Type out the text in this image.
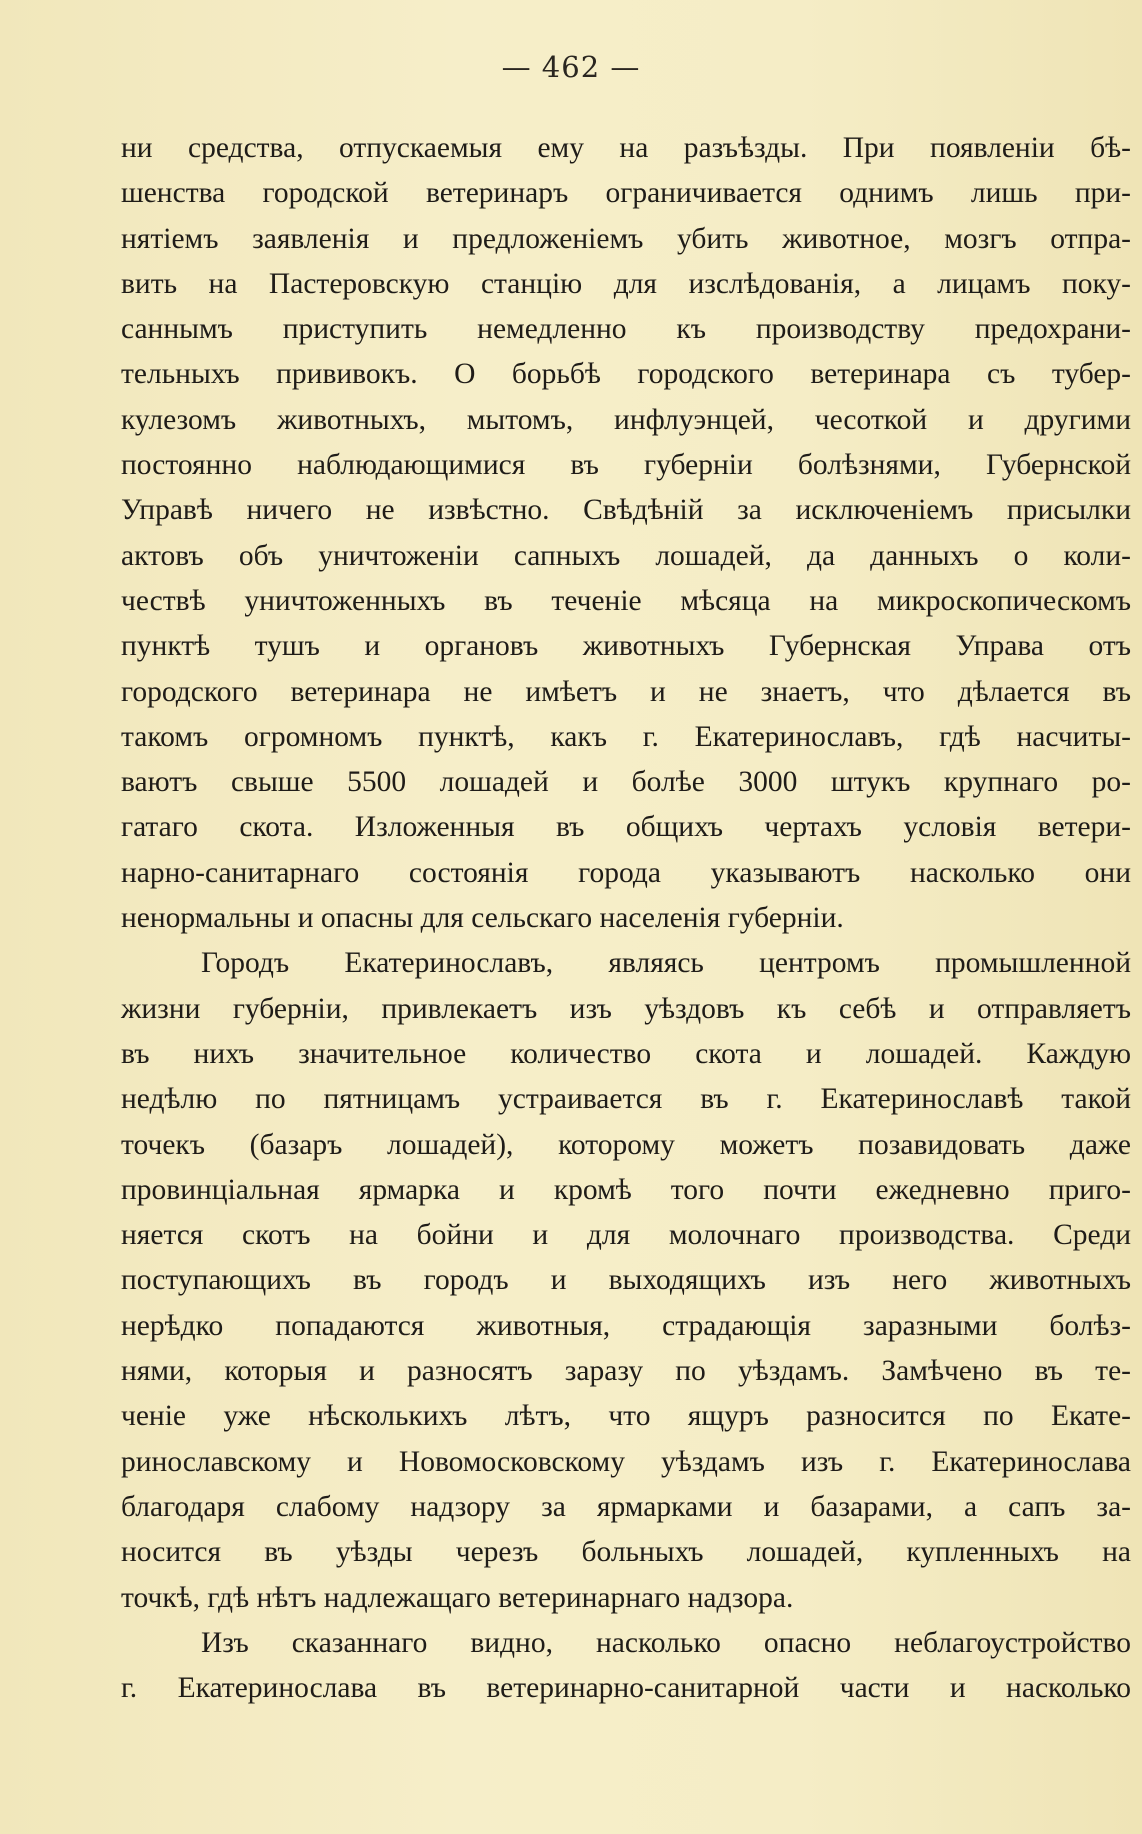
— 462 —
ни средства, отпускаемыя ему на разъѣзды. При появленіи бѣ-
шенства городской ветеринаръ ограничивается однимъ лишь при-
нятіемъ заявленія и предложеніемъ убить животное, мозгъ отпра-
вить на Пастеровскую станцію для изслѣдованія, а лицамъ поку-
саннымъ приступить немедленно къ производству предохрани-
тельныхъ прививокъ. О борьбѣ городского ветеринара съ тубер-
кулезомъ животныхъ, мытомъ, инфлуэнцей, чесоткой и другими
постоянно наблюдающимися въ губерніи болѣзнями, Губернской
Управѣ ничего не извѣстно. Свѣдѣній за исключеніемъ присылки
актовъ объ уничтоженіи сапныхъ лошадей, да данныхъ о коли-
чествѣ уничтоженныхъ въ теченіе мѣсяца на микроскопическомъ
пунктѣ тушъ и органовъ животныхъ Губернская Управа отъ
городского ветеринара не имѣетъ и не знаетъ, что дѣлается въ
такомъ огромномъ пунктѣ, какъ г. Екатеринославъ, гдѣ насчиты-
ваютъ свыше 5500 лошадей и болѣе 3000 штукъ крупнаго ро-
гатаго скота. Изложенныя въ общихъ чертахъ условія ветери-
нарно-санитарнаго состоянія города указываютъ насколько они
ненормальны и опасны для сельскаго населенія губерніи.
Городъ Екатеринославъ, являясь центромъ промышленной
жизни губерніи, привлекаетъ изъ уѣздовъ къ себѣ и отправляетъ
въ нихъ значительное количество скота и лошадей. Каждую
недѣлю по пятницамъ устраивается въ г. Екатеринославѣ такой
точекъ (базаръ лошадей), которому можетъ позавидовать даже
провинціальная ярмарка и кромѣ того почти ежедневно приго-
няется скотъ на бойни и для молочнаго производства. Среди
поступающихъ въ городъ и выходящихъ изъ него животныхъ
нерѣдко попадаются животныя, страдающія заразными болѣз-
нями, которыя и разносятъ заразу по уѣздамъ. Замѣчено въ те-
ченіе уже нѣсколькихъ лѣтъ, что ящуръ разносится по Екате-
ринославскому и Новомосковскому уѣздамъ изъ г. Екатеринослава
благодаря слабому надзору за ярмарками и базарами, а сапъ за-
носится въ уѣзды черезъ больныхъ лошадей, купленныхъ на
точкѣ, гдѣ нѣтъ надлежащаго ветеринарнаго надзора.
Изъ сказаннаго видно, насколько опасно неблагоустройство
г. Екатеринослава въ ветеринарно-санитарной части и насколько
